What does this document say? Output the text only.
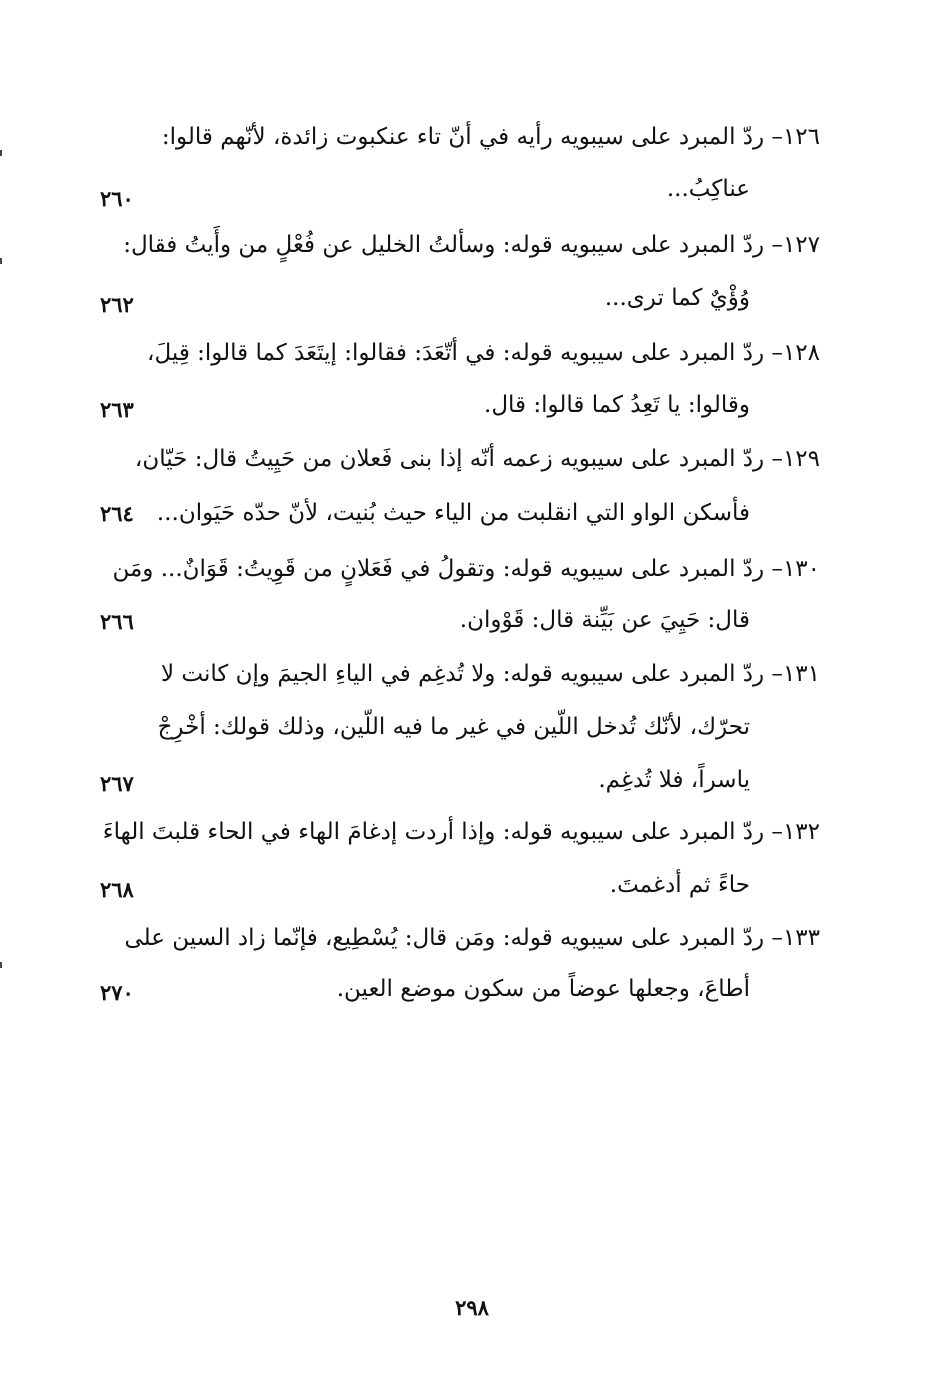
١٢٦– ردّ المبرد على سيبويه رأيه في أنّ تاء عنكبوت زائدة، لأنّهم قالوا:
عناكِبُ...
٢٦٠
١٢٧– ردّ المبرد على سيبويه قوله: وسألتُ الخليل عن فُعْلٍ من وأَيتُ فقال:
وُؤْيٌ كما ترى...
٢٦٢
١٢٨– ردّ المبرد على سيبويه قوله: في أتّعَدَ: فقالوا: إيتَعَدَ كما قالوا: قِيلَ،
وقالوا: يا تَعِدُ كما قالوا: قال.
٢٦٣
١٢٩– ردّ المبرد على سيبويه زعمه أنّه إذا بنى فَعلان من حَيِيتُ قال: حَيّان،
فأسكن الواو التي انقلبت من الياء حيث بُنيت، لأنّ حدّه حَيَوان...
٢٦٤
١٣٠– ردّ المبرد على سيبويه قوله: وتقولُ في فَعَلانٍ من قَوِيتُ: قَوَانٌ... ومَن
قال: حَيِيَ عن بَيِّنة قال: قَوْوان.
٢٦٦
١٣١– ردّ المبرد على سيبويه قوله: ولا تُدغِم في الياءِ الجيمَ وإن كانت لا
تحرّك، لأنّك تُدخل اللّين في غير ما فيه اللّين، وذلك قولك: أخْرِجْ
ياسراً، فلا تُدغِم.
٢٦٧
١٣٢– ردّ المبرد على سيبويه قوله: وإذا أردت إدغامَ الهاء في الحاء قلبتَ الهاءَ
حاءً ثم أدغمتَ.
٢٦٨
١٣٣– ردّ المبرد على سيبويه قوله: ومَن قال: يُسْطِيع، فإنّما زاد السين على
أطاعَ، وجعلها عوضاً من سكون موضع العين.
٢٧٠
٢٩٨
